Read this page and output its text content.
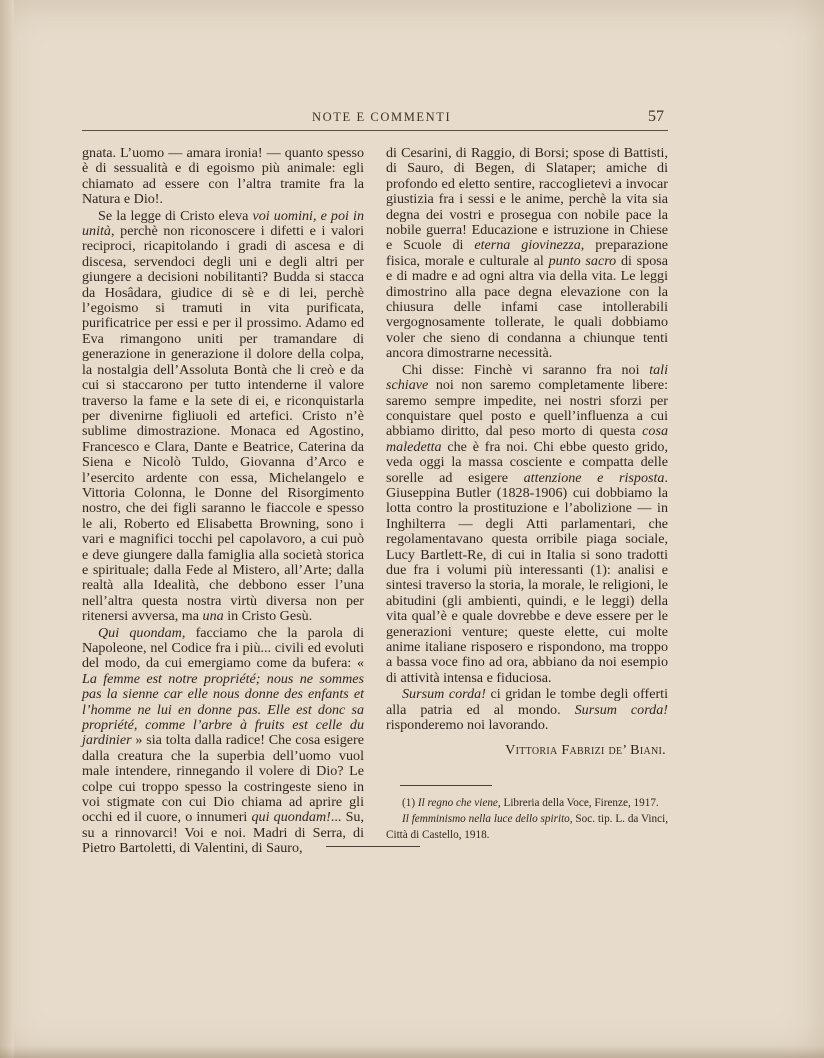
NOTE E COMMENTI	57

gnata. L’uomo — amara ironia! — quanto spesso è di sessualità e di egoismo più animale: egli chiamato ad essere con l’altra tramite fra la Natura e Dio!.

Se la legge di Cristo eleva voi uomini, e poi in unità, perchè non riconoscere i difetti e i valori reciproci, ricapitolando i gradi di ascesa e di discesa, servendoci degli uni e degli altri per giungere a decisioni nobilitanti? Budda si stacca da Hosâdara, giudice di sè e di lei, perchè l’egoismo si tramuti in vita purificata, purificatrice per essi e per il prossimo. Adamo ed Eva rimangono uniti per tramandare di generazione in generazione il dolore della colpa, la nostalgia dell’Assoluta Bontà che li creò e da cui si staccarono per tutto intenderne il valore traverso la fame e la sete di ei, e riconquistarla per divenirne figliuoli ed artefici. Cristo n’è sublime dimostrazione. Monaca ed Agostino, Francesco e Clara, Dante e Beatrice, Caterina da Siena e Nicolò Tuldo, Giovanna d’Arco e l’esercito ardente con essa, Michelangelo e Vittoria Colonna, le Donne del Risorgimento nostro, che dei figli saranno le fiaccole e spesso le ali, Roberto ed Elisabetta Browning, sono i vari e magnifici tocchi pel capolavoro, a cui può e deve giungere dalla famiglia alla società storica e spirituale; dalla Fede al Mistero, all’Arte; dalla realtà alla Idealità, che debbono esser l’una nell’altra questa nostra virtù diversa non per ritenersi avversa, ma una in Cristo Gesù.

Qui quondam, facciamo che la parola di Napoleone, nel Codice fra i più... civili ed evoluti del modo, da cui emergiamo come da bufera: « La femme est notre propriété; nous ne sommes pas la sienne car elle nous donne des enfants et l’homme ne lui en donne pas. Elle est donc sa propriété, comme l’arbre à fruits est celle du jardinier » sia tolta dalla radice! Che cosa esigere dalla creatura che la superbia dell’uomo vuol male intendere, rinnegando il volere di Dio? Le colpe cui troppo spesso la costringeste sieno in voi stigmate con cui Dio chiama ad aprire gli occhi ed il cuore, o innumeri qui quondam!... Su, su a rinnovarci! Voi e noi. Madri di Serra, di Pietro Bartoletti, di Valentini, di Sauro,

di Cesarini, di Raggio, di Borsi; spose di Battisti, di Sauro, di Begen, di Slataper; amiche di profondo ed eletto sentire, raccoglietevi a invocar giustizia fra i sessi e le anime, perchè la vita sia degna dei vostri e prosegua con nobile pace la nobile guerra! Educazione e istruzione in Chiese e Scuole di eterna giovinezza, preparazione fisica, morale e culturale al punto sacro di sposa e di madre e ad ogni altra via della vita. Le leggi dimostrino alla pace degna elevazione con la chiusura delle infami case intollerabili vergognosamente tollerate, le quali dobbiamo voler che sieno di condanna a chiunque tenti ancora dimostrarne necessità.

Chi disse: Finchè vi saranno fra noi tali schiave noi non saremo completamente libere: saremo sempre impedite, nei nostri sforzi per conquistare quel posto e quell’influenza a cui abbiamo diritto, dal peso morto di questa cosa maledetta che è fra noi. Chi ebbe questo grido, veda oggi la massa cosciente e compatta delle sorelle ad esigere attenzione e risposta. Giuseppina Butler (1828-1906) cui dobbiamo la lotta contro la prostituzione e l’abolizione — in Inghilterra — degli Atti parlamentari, che regolamentavano questa orribile piaga sociale, Lucy Bartlett-Re, di cui in Italia si sono tradotti due fra i volumi più interessanti (1): analisi e sintesi traverso la storia, la morale, le religioni, le abitudini (gli ambienti, quindi, e le leggi) della vita qual’è e quale dovrebbe e deve essere per le generazioni venture; queste elette, cui molte anime italiane risposero e rispondono, ma troppo a bassa voce fino ad ora, abbiano da noi esempio di attività intensa e fiduciosa.

Sursum corda! ci gridan le tombe degli offerti alla patria ed al mondo. Sursum corda! risponderemo noi lavorando.

Vittoria Fabrizi de’ Biani.

(1) Il regno che viene, Libreria della Voce, Firenze, 1917.

Il femminismo nella luce dello spirito, Soc. tip. L. da Vinci, Città di Castello, 1918.
